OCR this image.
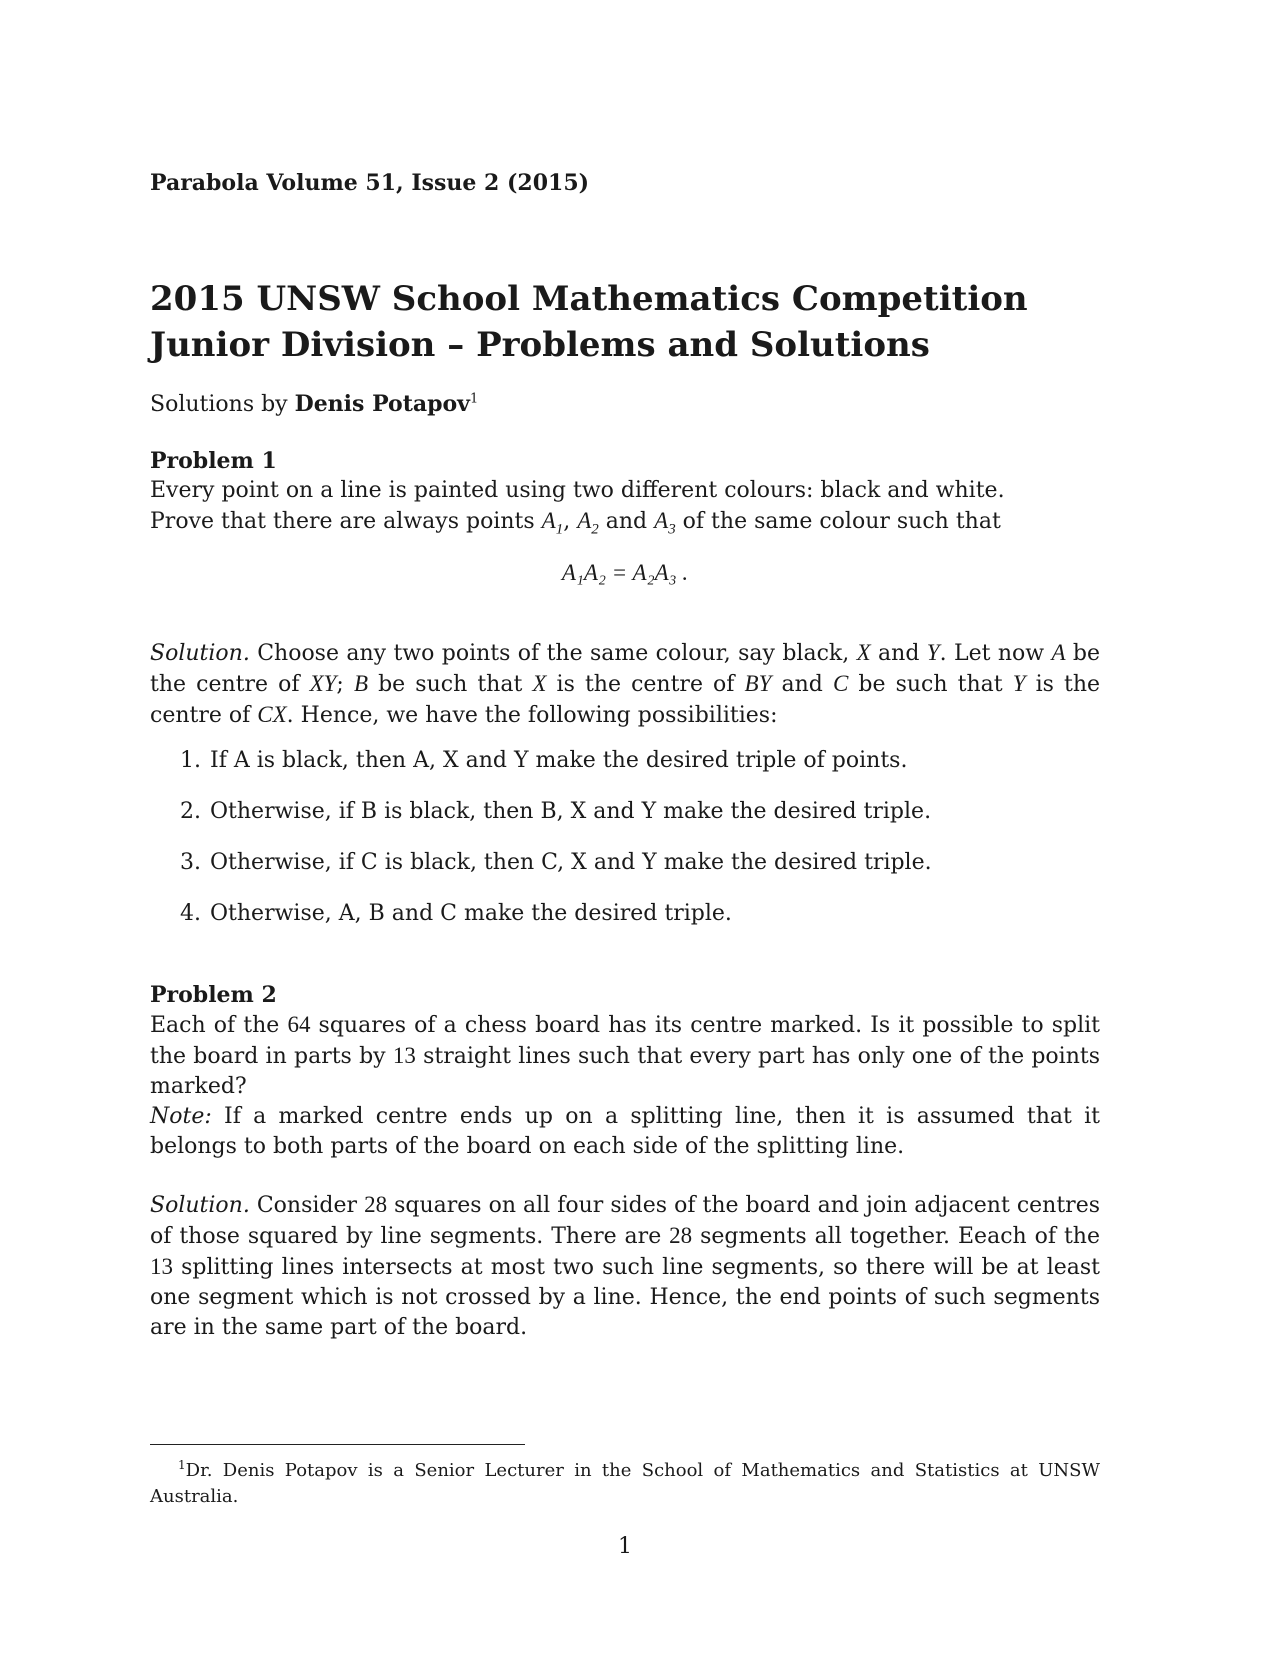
Parabola Volume 51, Issue 2 (2015)
2015 UNSW School Mathematics Competition
Junior Division – Problems and Solutions
Solutions by Denis Potapov$^1$

Problem 1

Every point on a line is painted using two different colours: black and white.

Prove that there are always points $A_1$, $A_2$ and $A_3$ of the same colour such that

A₁A₂ = A₂A₃ .

Solution. Choose any two points of the same colour, say black, X and Y. Let now A be the centre of XY; B be such that X is the centre of BY and C be such that Y is the centre of CX. Hence, we have the following possibilities:

1. If A is black, then A, X and Y make the desired triple of points.
2. Otherwise, if B is black, then B, X and Y make the desired triple.
3. Otherwise, if C is black, then C, X and Y make the desired triple.
4. Otherwise, A, B and C make the desired triple.

Problem 2

Each of the 64 squares of a chess board has its centre marked. Is it possible to split the board in parts by 13 straight lines such that every part has only one of the points marked?

Note: If a marked centre ends up on a splitting line, then it is assumed that it belongs to both parts of the board on each side of the splitting line.

Solution. Consider 28 squares on all four sides of the board and join adjacent centres of those squared by line segments. There are 28 segments all together. Eeach of the 13 splitting lines intersects at most two such line segments, so there will be at least one segment which is not crossed by a line. Hence, the end points of such segments are in the same part of the board.

$^1$Dr. Denis Potapov is a Senior Lecturer in the School of Mathematics and Statistics at UNSW Australia.
1
